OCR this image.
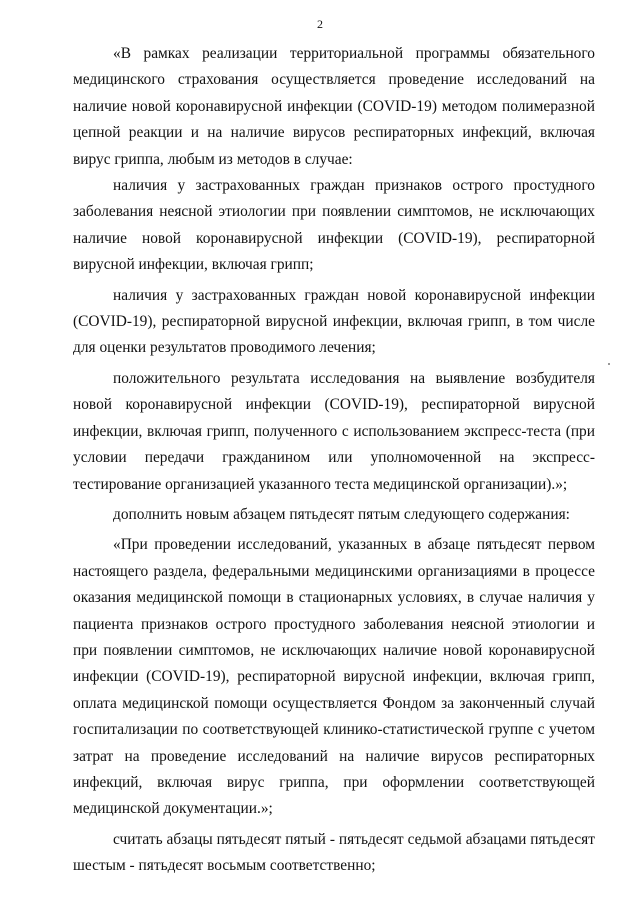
2

«В рамках реализации территориальной программы обязательного медицинского страхования осуществляется проведение исследований на наличие новой коронавирусной инфекции (COVID-19) методом полимеразной цепной реакции и на наличие вирусов респираторных инфекций, включая вирус гриппа, любым из методов в случае:

наличия у застрахованных граждан признаков острого простудного заболевания неясной этиологии при появлении симптомов, не исключающих наличие новой коронавирусной инфекции (COVID-19), респираторной вирусной инфекции, включая грипп;

наличия у застрахованных граждан новой коронавирусной инфекции (COVID-19), респираторной вирусной инфекции, включая грипп, в том числе для оценки результатов проводимого лечения;

положительного результата исследования на выявление возбудителя новой коронавирусной инфекции (COVID-19), респираторной вирусной инфекции, включая грипп, полученного с использованием экспресс-теста (при условии передачи гражданином или уполномоченной на экспресс-тестирование организацией указанного теста медицинской организации).»;

дополнить новым абзацем пятьдесят пятым следующего содержания:

«При проведении исследований, указанных в абзаце пятьдесят первом настоящего раздела, федеральными медицинскими организациями в процессе оказания медицинской помощи в стационарных условиях, в случае наличия у пациента признаков острого простудного заболевания неясной этиологии и при появлении симптомов, не исключающих наличие новой коронавирусной инфекции (COVID-19), респираторной вирусной инфекции, включая грипп, оплата медицинской помощи осуществляется Фондом за законченный случай госпитализации по соответствующей клинико-статистической группе с учетом затрат на проведение исследований на наличие вирусов респираторных инфекций, включая вирус гриппа, при оформлении соответствующей медицинской документации.»;

считать абзацы пятьдесят пятый - пятьдесят седьмой абзацами пятьдесят шестым - пятьдесят восьмым соответственно;
